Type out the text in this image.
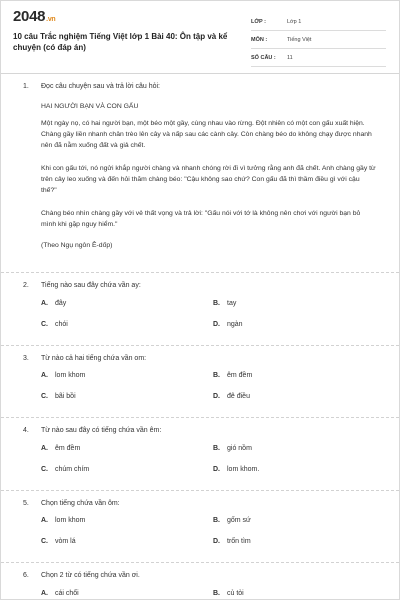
2048.vn
10 câu Trắc nghiệm Tiếng Việt lớp 1 Bài 40: Ôn tập và kể chuyện (có đáp án)
LỚP :	Lớp 1
MÔN :	Tiếng Việt
SỐ CÂU :	11
1. Đọc câu chuyện sau và trả lời câu hỏi:
HAI NGƯỜI BẠN VÀ CON GẤU
Một ngày nọ, có hai người bạn, một béo một gầy, cùng nhau vào rừng. Đột nhiên có một con gấu xuất hiện. Chàng gầy liền nhanh chân trèo lên cây và nấp sau các cành cây. Còn chàng béo do không chạy được nhanh nên đã nằm xuống đất và giả chết.
Khi con gấu tới, nó ngửi khắp người chàng và nhanh chóng rời đi vì tưởng rằng anh đã chết. Anh chàng gầy từ trên cây leo xuống và đến hỏi thăm chàng béo: "Cậu không sao chứ? Con gấu đã thì thầm điều gì với cậu thế?"
Chàng béo nhìn chàng gầy với vẻ thất vọng và trả lời: "Gấu nói với tớ là không nên chơi với người bạn bỏ mình khi gặp nguy hiểm."
(Theo Ngụ ngôn Ê-dốp)
2. Tiếng nào sau đây chứa vần ay:
A. đây	B. tay
C. chói	D. ngàn
3. Từ nào cả hai tiếng chứa vần om:
A. lom khom	B. êm đềm
C. bãi bồi	D. đê điều
4. Từ nào sau đây có tiếng chứa vần êm:
A. êm đềm	B. gió nồm
C. chúm chím	D. lom khom.
5. Chọn tiếng chứa vần ôm:
A. lom khom	B. gốm sứ
C. vòm lá	D. trốn tìm
6. Chọn 2 từ có tiếng chứa vần ơi.
A. cái chổi	B. củ tỏi
